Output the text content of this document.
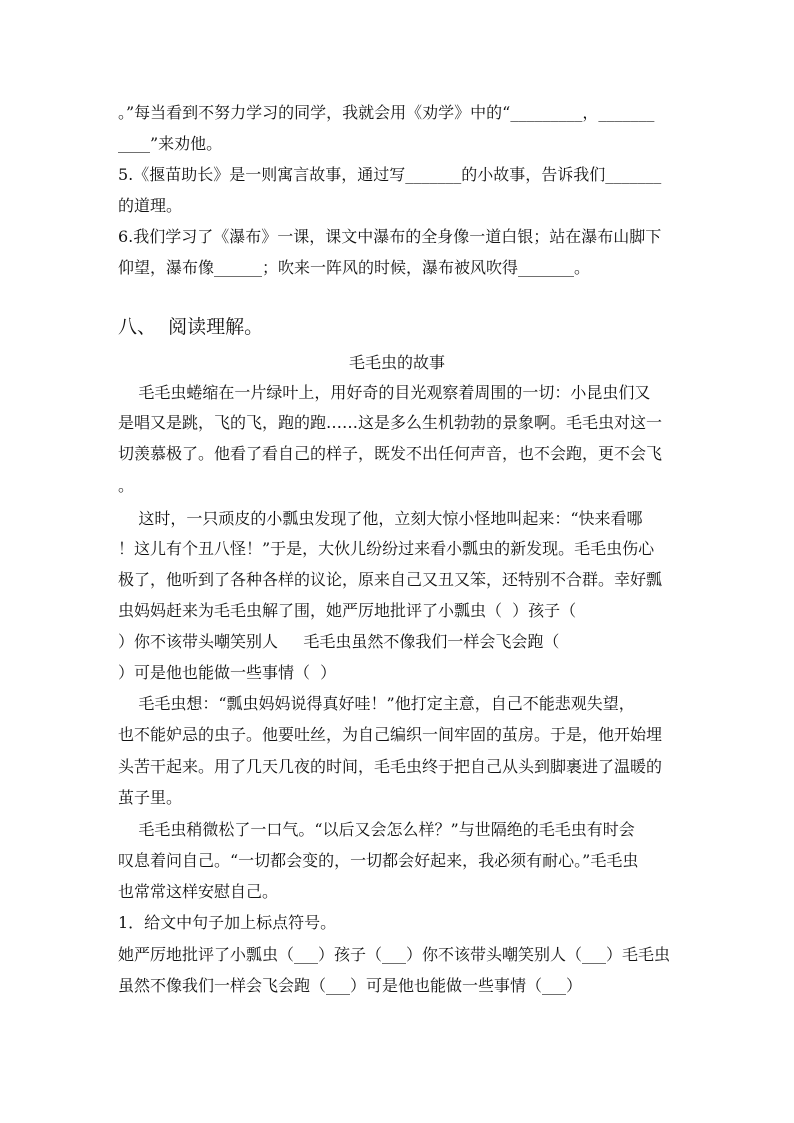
。”每当看到不努力学习的同学，我就会用《劝学》中的“_________，_______
____”来劝他。
5.《揠苗助长》是一则寓言故事，通过写_______的小故事，告诉我们_______
的道理。
6.我们学习了《瀑布》一课，课文中瀑布的全身像一道白银；站在瀑布山脚下
仰望，瀑布像______；吹来一阵风的时候，瀑布被风吹得_______。
八、  阅读理解。
毛毛虫的故事
毛毛虫蜷缩在一片绿叶上，用好奇的目光观察着周围的一切：小昆虫们又
是唱又是跳，飞的飞，跑的跑……这是多么生机勃勃的景象啊。毛毛虫对这一
切羡慕极了。他看了看自己的样子，既发不出任何声音，也不会跑，更不会飞
。
这时，一只顽皮的小瓢虫发现了他，立刻大惊小怪地叫起来：“快来看哪
！这儿有个丑八怪！”于是，大伙儿纷纷过来看小瓢虫的新发现。毛毛虫伤心
极了，他听到了各种各样的议论，原来自己又丑又笨，还特别不合群。幸好瓢
虫妈妈赶来为毛毛虫解了围，她严厉地批评了小瓢虫（  ）孩子（
）你不该带头嘲笑别人     毛毛虫虽然不像我们一样会飞会跑（
）可是他也能做一些事情（  ）
毛毛虫想：“瓢虫妈妈说得真好哇！”他打定主意，自己不能悲观失望，
也不能妒忌的虫子。他要吐丝，为自己编织一间牢固的茧房。于是，他开始埋
头苦干起来。用了几天几夜的时间，毛毛虫终于把自己从头到脚裹进了温暖的
茧子里。
毛毛虫稍微松了一口气。“以后又会怎么样？”与世隔绝的毛毛虫有时会
叹息着问自己。“一切都会变的，一切都会好起来，我必须有耐心。”毛毛虫
也常常这样安慰自己。
1．给文中句子加上标点符号。
她严厉地批评了小瓢虫（___）孩子（___）你不该带头嘲笑别人（___）毛毛虫
虽然不像我们一样会飞会跑（___）可是他也能做一些事情（___）
